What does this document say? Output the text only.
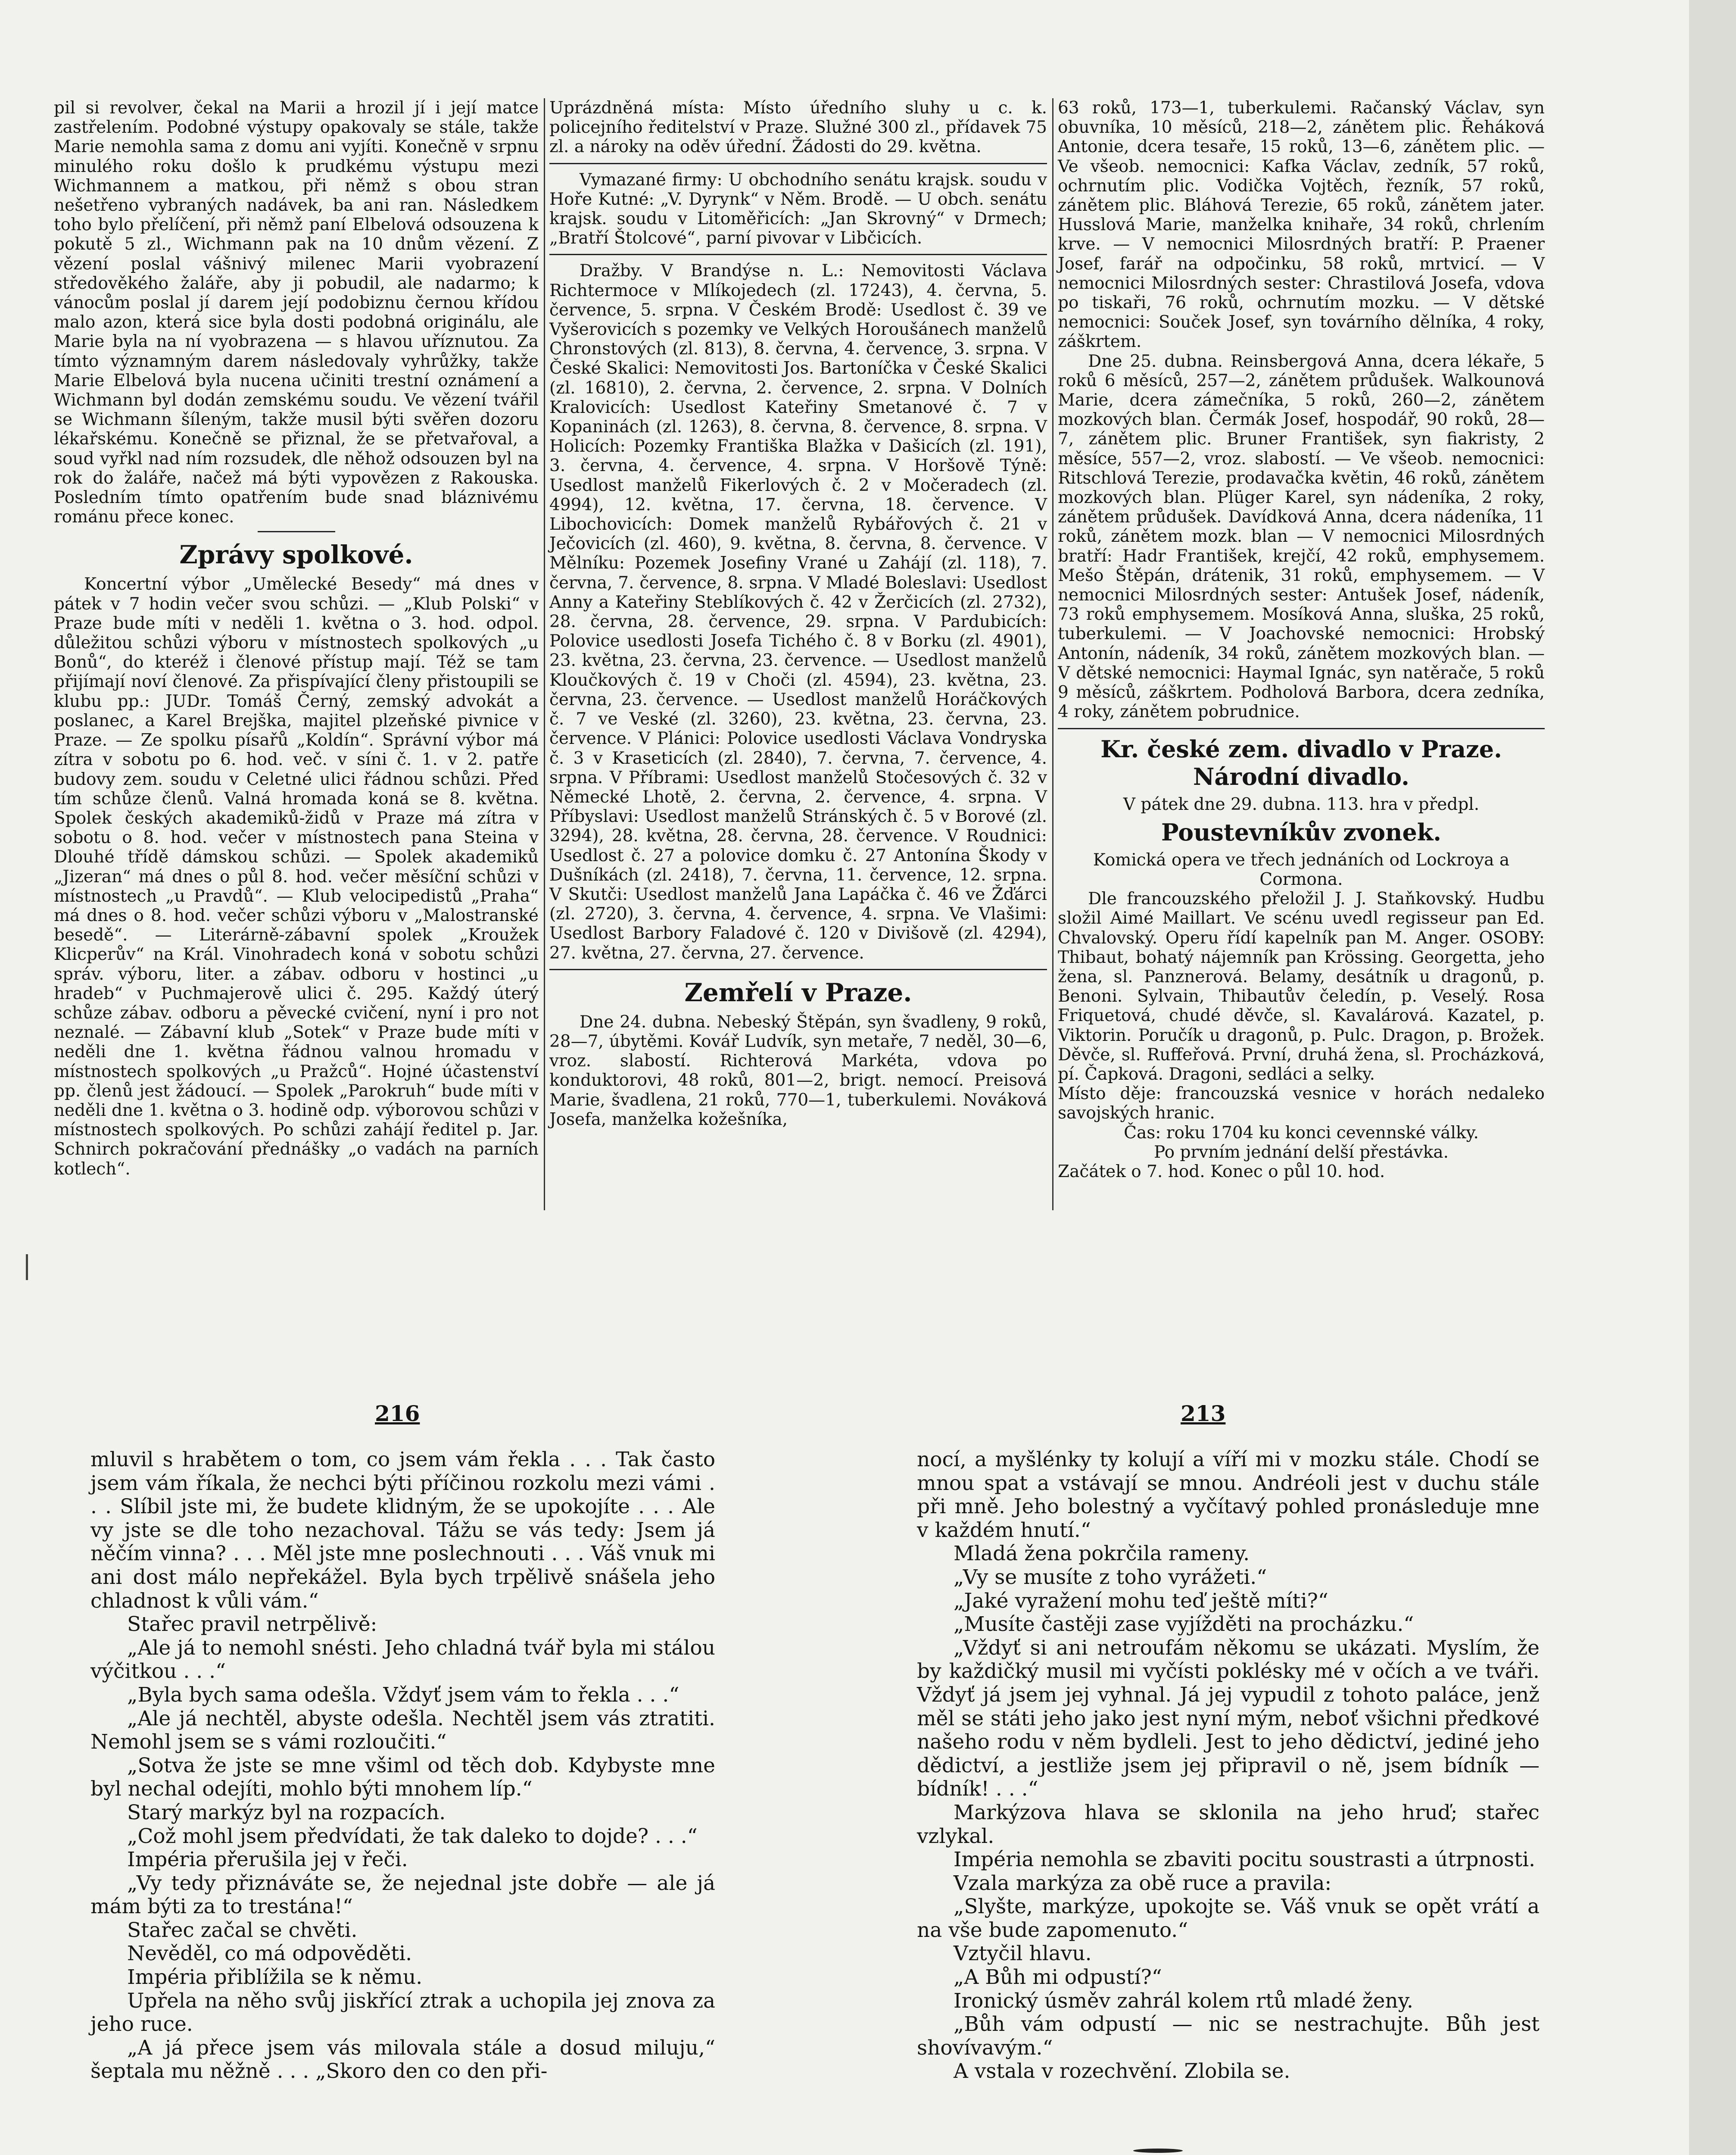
pil si revolver, čekal na Marii a hrozil jí i její matce zastřelením. Podobné výstupy opakovaly se stále, takže Marie nemohla sama z domu ani vyjíti. Konečně v srpnu minulého roku došlo k prudkému výstupu mezi Wichmannem a matkou, při němž s obou stran nešetřeno vybraných nadávek, ba ani ran. Následkem toho bylo přelíčení, při němž paní Elbelová odsouzena k pokutě 5 zl., Wichmann pak na 10 dnům vězení. Z vězení poslal vášnivý milenec Marii vyobrazení středověkého žaláře, aby ji pobudil, ale nadarmo; k vánocům poslal jí darem její podobiznu černou křídou malo azon, která sice byla dosti podobná originálu, ale Marie byla na ní vyobrazena — s hlavou uříznutou. Za tímto významným darem následovaly vyhrůžky, takže Marie Elbelová byla nucena učiniti trestní oznámení a Wichmann byl dodán zemskému soudu. Ve vězení tvářil se Wichmann šíleným, takže musil býti svěřen dozoru lékařskému. Konečně se přiznal, že se přetvařoval, a soud vyřkl nad ním rozsudek, dle něhož odsouzen byl na rok do žaláře, načež má býti vypovězen z Rakouska. Posledním tímto opatřením bude snad bláznivému románu přece konec.

Zprávy spolkové.

Koncertní výbor „Umělecké Besedy“ má dnes v pátek v 7 hodin večer svou schůzi. — „Klub Polski“ v Praze bude míti v neděli 1. května o 3. hod. odpol. důležitou schůzi výboru v místnostech spolkových „u Bonů“, do kteréž i členové přístup mají. Též se tam přijímají noví členové. Za přispívající členy přistoupili se klubu pp.: JUDr. Tomáš Černý, zemský advokát a poslanec, a Karel Brejška, majitel plzeňské pivnice v Praze. — Ze spolku písařů „Koldín“. Správní výbor má zítra v sobotu po 6. hod. več. v síni č. 1. v 2. patře budovy zem. soudu v Celetné ulici řádnou schůzi. Před tím schůze členů. Valná hromada koná se 8. května. Spolek českých akademiků-židů v Praze má zítra v sobotu o 8. hod. večer v místnostech pana Steina v Dlouhé třídě dámskou schůzi. — Spolek akademiků „Jizeran“ má dnes o půl 8. hod. večer měsíční schůzi v místnostech „u Pravdů“. — Klub velocipedistů „Praha“ má dnes o 8. hod. večer schůzi výboru v „Malostranské besedě“. — Literárně-zábavní spolek „Kroužek Klicperův“ na Král. Vinohradech koná v sobotu schůzi správ. výboru, liter. a zábav. odboru v hostinci „u hradeb“ v Puchmajerově ulici č. 295. Každý úterý schůze zábav. odboru a pěvecké cvičení, nyní i pro not neznalé. — Zábavní klub „Sotek“ v Praze bude míti v neděli dne 1. května řádnou valnou hromadu v místnostech spolkových „u Pražců“. Hojné účastenství pp. členů jest žádoucí. — Spolek „Parokruh“ bude míti v neděli dne 1. května o 3. hodině odp. výborovou schůzi v místnostech spolkových. Po schůzi zahájí ředitel p. Jar. Schnirch pokračování přednášky „o vadách na parních kotlech“.

Uprázdněná místa: Místo úředního sluhy u c. k. policejního ředitelství v Praze. Služné 300 zl., přídavek 75 zl. a nároky na oděv úřední. Žádosti do 29. května.

Vymazané firmy: U obchodního senátu krajsk. soudu v Hoře Kutné: „V. Dyrynk“ v Něm. Brodě. — U obch. senátu krajsk. soudu v Litoměřicích: „Jan Skrovný“ v Drmech; „Bratří Štolcové“, parní pivovar v Libčicích.

Dražby. V Brandýse n. L.: Nemovitosti Václava Richtermoce v Mlíkojedech (zl. 17243), 4. června, 5. července, 5. srpna. V Českém Brodě: Usedlost č. 39 ve Vyšerovicích s pozemky ve Velkých Horoušánech manželů Chronstových (zl. 813), 8. června, 4. července, 3. srpna. V České Skalici: Nemovitosti Jos. Bartoníčka v České Skalici (zl. 16810), 2. června, 2. července, 2. srpna. V Dolních Kralovicích: Usedlost Kateřiny Smetanové č. 7 v Kopaninách (zl. 1263), 8. června, 8. července, 8. srpna. V Holicích: Pozemky Františka Blažka v Dašicích (zl. 191), 3. června, 4. července, 4. srpna. V Horšově Týně: Usedlost manželů Fikerlových č. 2 v Močeradech (zl. 4994), 12. května, 17. června, 18. července. V Libochovicích: Domek manželů Rybářových č. 21 v Ječovicích (zl. 460), 9. května, 8. června, 8. července. V Mělníku: Pozemek Josefiny Vrané u Zahájí (zl. 118), 7. června, 7. července, 8. srpna. V Mladé Boleslavi: Usedlost Anny a Kateřiny Steblíkových č. 42 v Žerčicích (zl. 2732), 28. června, 28. července, 29. srpna. V Pardubicích: Polovice usedlosti Josefa Tichého č. 8 v Borku (zl. 4901), 23. května, 23. června, 23. července. — Usedlost manželů Kloučkových č. 19 v Choči (zl. 4594), 23. května, 23. června, 23. července. — Usedlost manželů Horáčkových č. 7 ve Veské (zl. 3260), 23. května, 23. června, 23. července. V Plánici: Polovice usedlosti Václava Vondryska č. 3 v Kraseticích (zl. 2840), 7. června, 7. července, 4. srpna. V Příbrami: Usedlost manželů Stočesových č. 32 v Německé Lhotě, 2. června, 2. července, 4. srpna. V Příbyslavi: Usedlost manželů Stránských č. 5 v Borové (zl. 3294), 28. května, 28. června, 28. července. V Roudnici: Usedlost č. 27 a polovice domku č. 27 Antonína Škody v Dušníkách (zl. 2418), 7. června, 11. července, 12. srpna. V Skutči: Usedlost manželů Jana Lapáčka č. 46 ve Žďárci (zl. 2720), 3. června, 4. července, 4. srpna. Ve Vlašimi: Usedlost Barbory Faladové č. 120 v Divišově (zl. 4294), 27. května, 27. června, 27. července.

Zemřelí v Praze.

Dne 24. dubna. Nebeský Štěpán, syn švadleny, 9 roků, 28—7, úbytěmi. Kovář Ludvík, syn metaře, 7 neděl, 30—6, vroz. slabostí. Richterová Markéta, vdova po konduktorovi, 48 roků, 801—2, brigt. nemocí. Preisová Marie, švadlena, 21 roků, 770—1, tuberkulemi. Nováková Josefa, manželka kožešníka,

63 roků, 173—1, tuberkulemi. Račanský Václav, syn obuvníka, 10 měsíců, 218—2, zánětem plic. Řeháková Antonie, dcera tesaře, 15 roků, 13—6, zánětem plic. — Ve všeob. nemocnici: Kafka Václav, zedník, 57 roků, ochrnutím plic. Vodička Vojtěch, řezník, 57 roků, zánětem plic. Bláhová Terezie, 65 roků, zánětem jater. Husslová Marie, manželka knihaře, 34 roků, chrlením krve. — V nemocnici Milosrdných bratří: P. Praener Josef, farář na odpočinku, 58 roků, mrtvicí. — V nemocnici Milosrdných sester: Chrastilová Josefa, vdova po tiskaři, 76 roků, ochrnutím mozku. — V dětské nemocnici: Souček Josef, syn továrního dělníka, 4 roky, záškrtem.

Dne 25. dubna. Reinsbergová Anna, dcera lékaře, 5 roků 6 měsíců, 257—2, zánětem průdušek. Walkounová Marie, dcera zámečníka, 5 roků, 260—2, zánětem mozkových blan. Čermák Josef, hospodář, 90 roků, 28—7, zánětem plic. Bruner František, syn fiakristy, 2 měsíce, 557—2, vroz. slabostí. — Ve všeob. nemocnici: Ritschlová Terezie, prodavačka květin, 46 roků, zánětem mozkových blan. Plüger Karel, syn nádeníka, 2 roky, zánětem průdušek. Davídková Anna, dcera nádeníka, 11 roků, zánětem mozk. blan — V nemocnici Milosrdných bratří: Hadr František, krejčí, 42 roků, emphysemem. Mešo Štěpán, drátenik, 31 roků, emphysemem. — V nemocnici Milosrdných sester: Antušek Josef, nádeník, 73 roků emphysemem. Mosíková Anna, sluška, 25 roků, tuberkulemi. — V Joachovské nemocnici: Hrobský Antonín, nádeník, 34 roků, zánětem mozkových blan. — V dětské nemocnici: Haymal Ignác, syn natěrače, 5 roků 9 měsíců, záškrtem. Podholová Barbora, dcera zedníka, 4 roky, zánětem pobrudnice.

Kr. české zem. divadlo v Praze. Národní divadlo.

V pátek dne 29. dubna. 113. hra v předpl.

Poustevníkův zvonek.

Komická opera ve třech jednáních od Lockroya a Cormona.

Dle francouzského přeložil J. J. Staňkovský. Hudbu složil Aimé Maillart. Ve scénu uvedl regisseur pan Ed. Chvalovský. Operu řídí kapelník pan M. Anger. OSOBY: Thibaut, bohatý nájemník pan Krössing. Georgetta, jeho žena, sl. Panznerová. Belamy, desátník u dragonů, p. Benoni. Sylvain, Thibautův čeledín, p. Veselý. Rosa Friquetová, chudé děvče, sl. Kavalárová. Kazatel, p. Viktorin. Poručík u dragonů, p. Pulc. Dragon, p. Brožek. Děvče, sl. Ruffeřová. První, druhá žena, sl. Procházková, pí. Čapková. Dragoni, sedláci a selky.

Místo děje: francouzská vesnice v horách nedaleko savojských hranic.

Čas: roku 1704 ku konci cevennské války.

Po prvním jednání delší přestávka.

Začátek o 7. hod. Konec o půl 10. hod.

216	213

mluvil s hrabětem o tom, co jsem vám řekla . . . Tak často jsem vám říkala, že nechci býti příčinou rozkolu mezi vámi . . . Slíbil jste mi, že budete klidným, že se upokojíte . . . Ale vy jste se dle toho nezachoval. Tážu se vás tedy: Jsem já něčím vinna? . . . Měl jste mne poslechnouti . . . Váš vnuk mi ani dost málo nepřekážel. Byla bych trpělivě snášela jeho chladnost k vůli vám.“

Stařec pravil netrpělivě:

„Ale já to nemohl snésti. Jeho chladná tvář byla mi stálou výčitkou . . .“

„Byla bych sama odešla. Vždyť jsem vám to řekla . . .“

„Ale já nechtěl, abyste odešla. Nechtěl jsem vás ztratiti. Nemohl jsem se s vámi rozloučiti.“

„Sotva že jste se mne všiml od těch dob. Kdybyste mne byl nechal odejíti, mohlo býti mnohem líp.“

Starý markýz byl na rozpacích.

„Což mohl jsem předvídati, že tak daleko to dojde? . . .“

Impéria přerušila jej v řeči.

„Vy tedy přiznáváte se, že nejednal jste dobře — ale já mám býti za to trestána!“

Stařec začal se chvěti.

Nevěděl, co má odpověděti.

Impéria přiblížila se k němu.

Upřela na něho svůj jiskřící ztrak a uchopila jej znova za jeho ruce.

„A já přece jsem vás milovala stále a dosud miluju,“ šeptala mu něžně . . . „Skoro den co den při-

nocí, a myšlénky ty kolují a víří mi v mozku stále. Chodí se mnou spat a vstávají se mnou. Andréoli jest v duchu stále při mně. Jeho bolestný a vyčítavý pohled pronásleduje mne v každém hnutí.“

Mladá žena pokrčila rameny.

„Vy se musíte z toho vyrážeti.“

„Jaké vyražení mohu teď ještě míti?“

„Musíte častěji zase vyjížděti na procházku.“

„Vždyť si ani netroufám někomu se ukázati. Myslím, že by každičký musil mi vyčísti poklésky mé v očích a ve tváři. Vždyť já jsem jej vyhnal. Já jej vypudil z tohoto paláce, jenž měl se státi jeho jako jest nyní mým, neboť všichni předkové našeho rodu v něm bydleli. Jest to jeho dědictví, jediné jeho dědictví, a jestliže jsem jej připravil o ně, jsem bídník — bídník! . . .“

Markýzova hlava se sklonila na jeho hruď; stařec vzlykal.

Impéria nemohla se zbaviti pocitu soustrasti a útrpnosti.

Vzala markýza za obě ruce a pravila:

„Slyšte, markýze, upokojte se. Váš vnuk se opět vrátí a na vše bude zapomenuto.“

Vztyčil hlavu.

„A Bůh mi odpustí?“

Ironický úsměv zahrál kolem rtů mladé ženy.

„Bůh vám odpustí — nic se nestrachujte. Bůh jest shovívavým.“

A vstala v rozechvění. Zlobila se.
